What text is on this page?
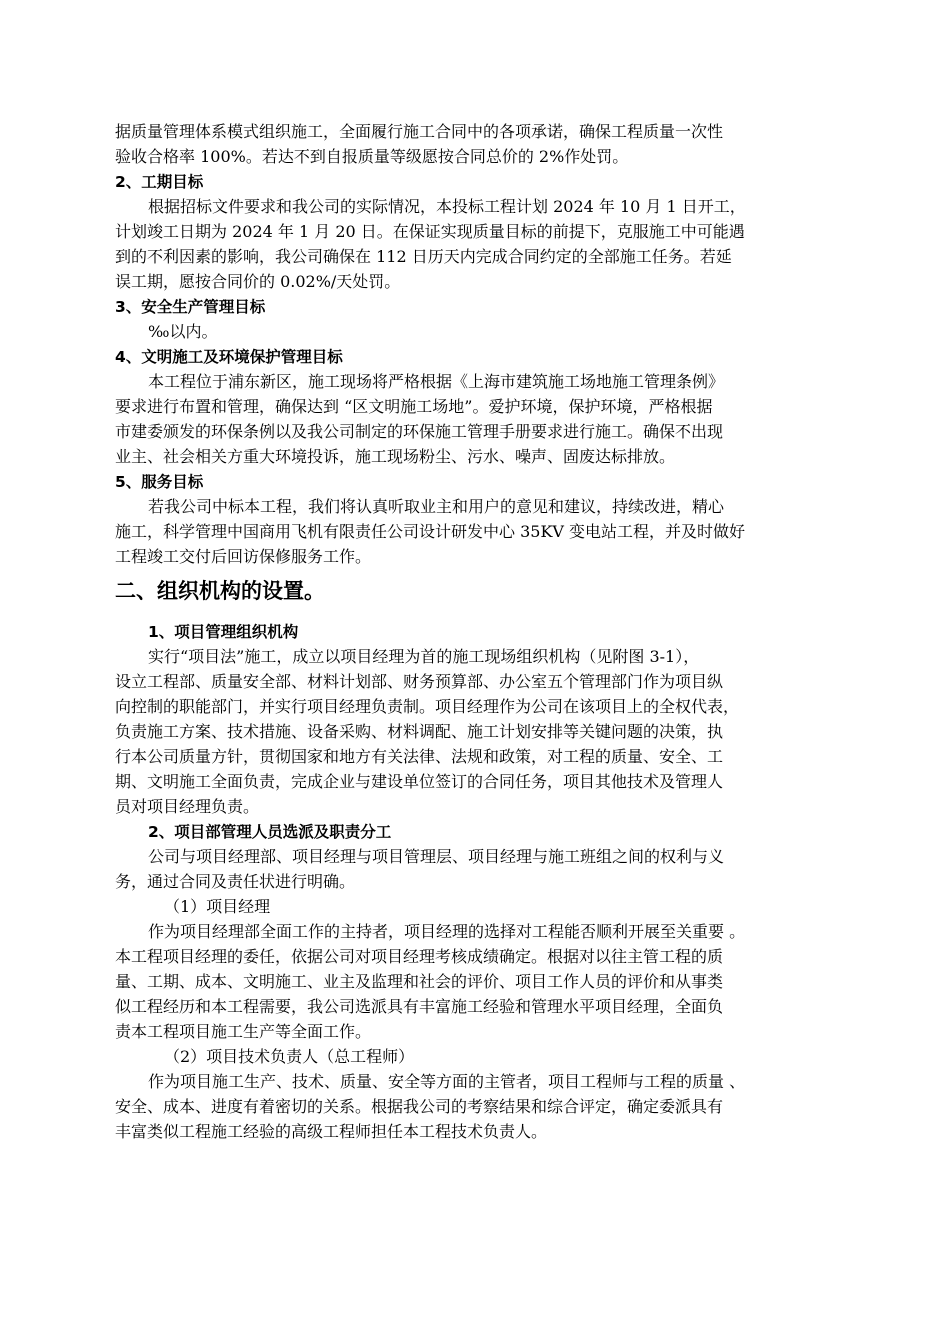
据质量管理体系模式组织施工，全面履行施工合同中的各项承诺，确保工程质量一次性
验收合格率 100%。若达不到自报质量等级愿按合同总价的 2%作处罚。
2、工期目标
根据招标文件要求和我公司的实际情况，本投标工程计划 2024 年 10 月 1 日开工，
计划竣工日期为 2024 年 1 月 20 日。在保证实现质量目标的前提下，克服施工中可能遇
到的不利因素的影响，我公司确保在 112 日历天内完成合同约定的全部施工任务。若延
误工期，愿按合同价的 0.02%/天处罚。
3、安全生产管理目标
‰以内。
4、文明施工及环境保护管理目标
本工程位于浦东新区，施工现场将严格根据《上海市建筑施工场地施工管理条例》
要求进行布置和管理，确保达到 “区文明施工场地”。爱护环境，保护环境，严格根据
市建委颁发的环保条例以及我公司制定的环保施工管理手册要求进行施工。确保不出现
业主、社会相关方重大环境投诉，施工现场粉尘、污水、噪声、固废达标排放。
5、服务目标
若我公司中标本工程，我们将认真听取业主和用户的意见和建议，持续改进，精心
施工，科学管理中国商用飞机有限责任公司设计研发中心 35KV 变电站工程，并及时做好
工程竣工交付后回访保修服务工作。
二、组织机构的设置。
1、项目管理组织机构
实行“项目法”施工，成立以项目经理为首的施工现场组织机构（见附图 3-1），
设立工程部、质量安全部、材料计划部、财务预算部、办公室五个管理部门作为项目纵
向控制的职能部门，并实行项目经理负责制。项目经理作为公司在该项目上的全权代表，
负责施工方案、技术措施、设备采购、材料调配、施工计划安排等关键问题的决策，执
行本公司质量方针，贯彻国家和地方有关法律、法规和政策，对工程的质量、安全、工
期、文明施工全面负责，完成企业与建设单位签订的合同任务，项目其他技术及管理人
员对项目经理负责。
2、项目部管理人员选派及职责分工
公司与项目经理部、项目经理与项目管理层、项目经理与施工班组之间的权利与义
务，通过合同及责任状进行明确。
（1）项目经理
作为项目经理部全面工作的主持者，项目经理的选择对工程能否顺利开展至关重要 。
本工程项目经理的委任，依据公司对项目经理考核成绩确定。根据对以往主管工程的质
量、工期、成本、文明施工、业主及监理和社会的评价、项目工作人员的评价和从事类
似工程经历和本工程需要，我公司选派具有丰富施工经验和管理水平项目经理，全面负
责本工程项目施工生产等全面工作。
（2）项目技术负责人（总工程师）
作为项目施工生产、技术、质量、安全等方面的主管者，项目工程师与工程的质量 、
安全、成本、进度有着密切的关系。根据我公司的考察结果和综合评定，确定委派具有
丰富类似工程施工经验的高级工程师担任本工程技术负责人。
